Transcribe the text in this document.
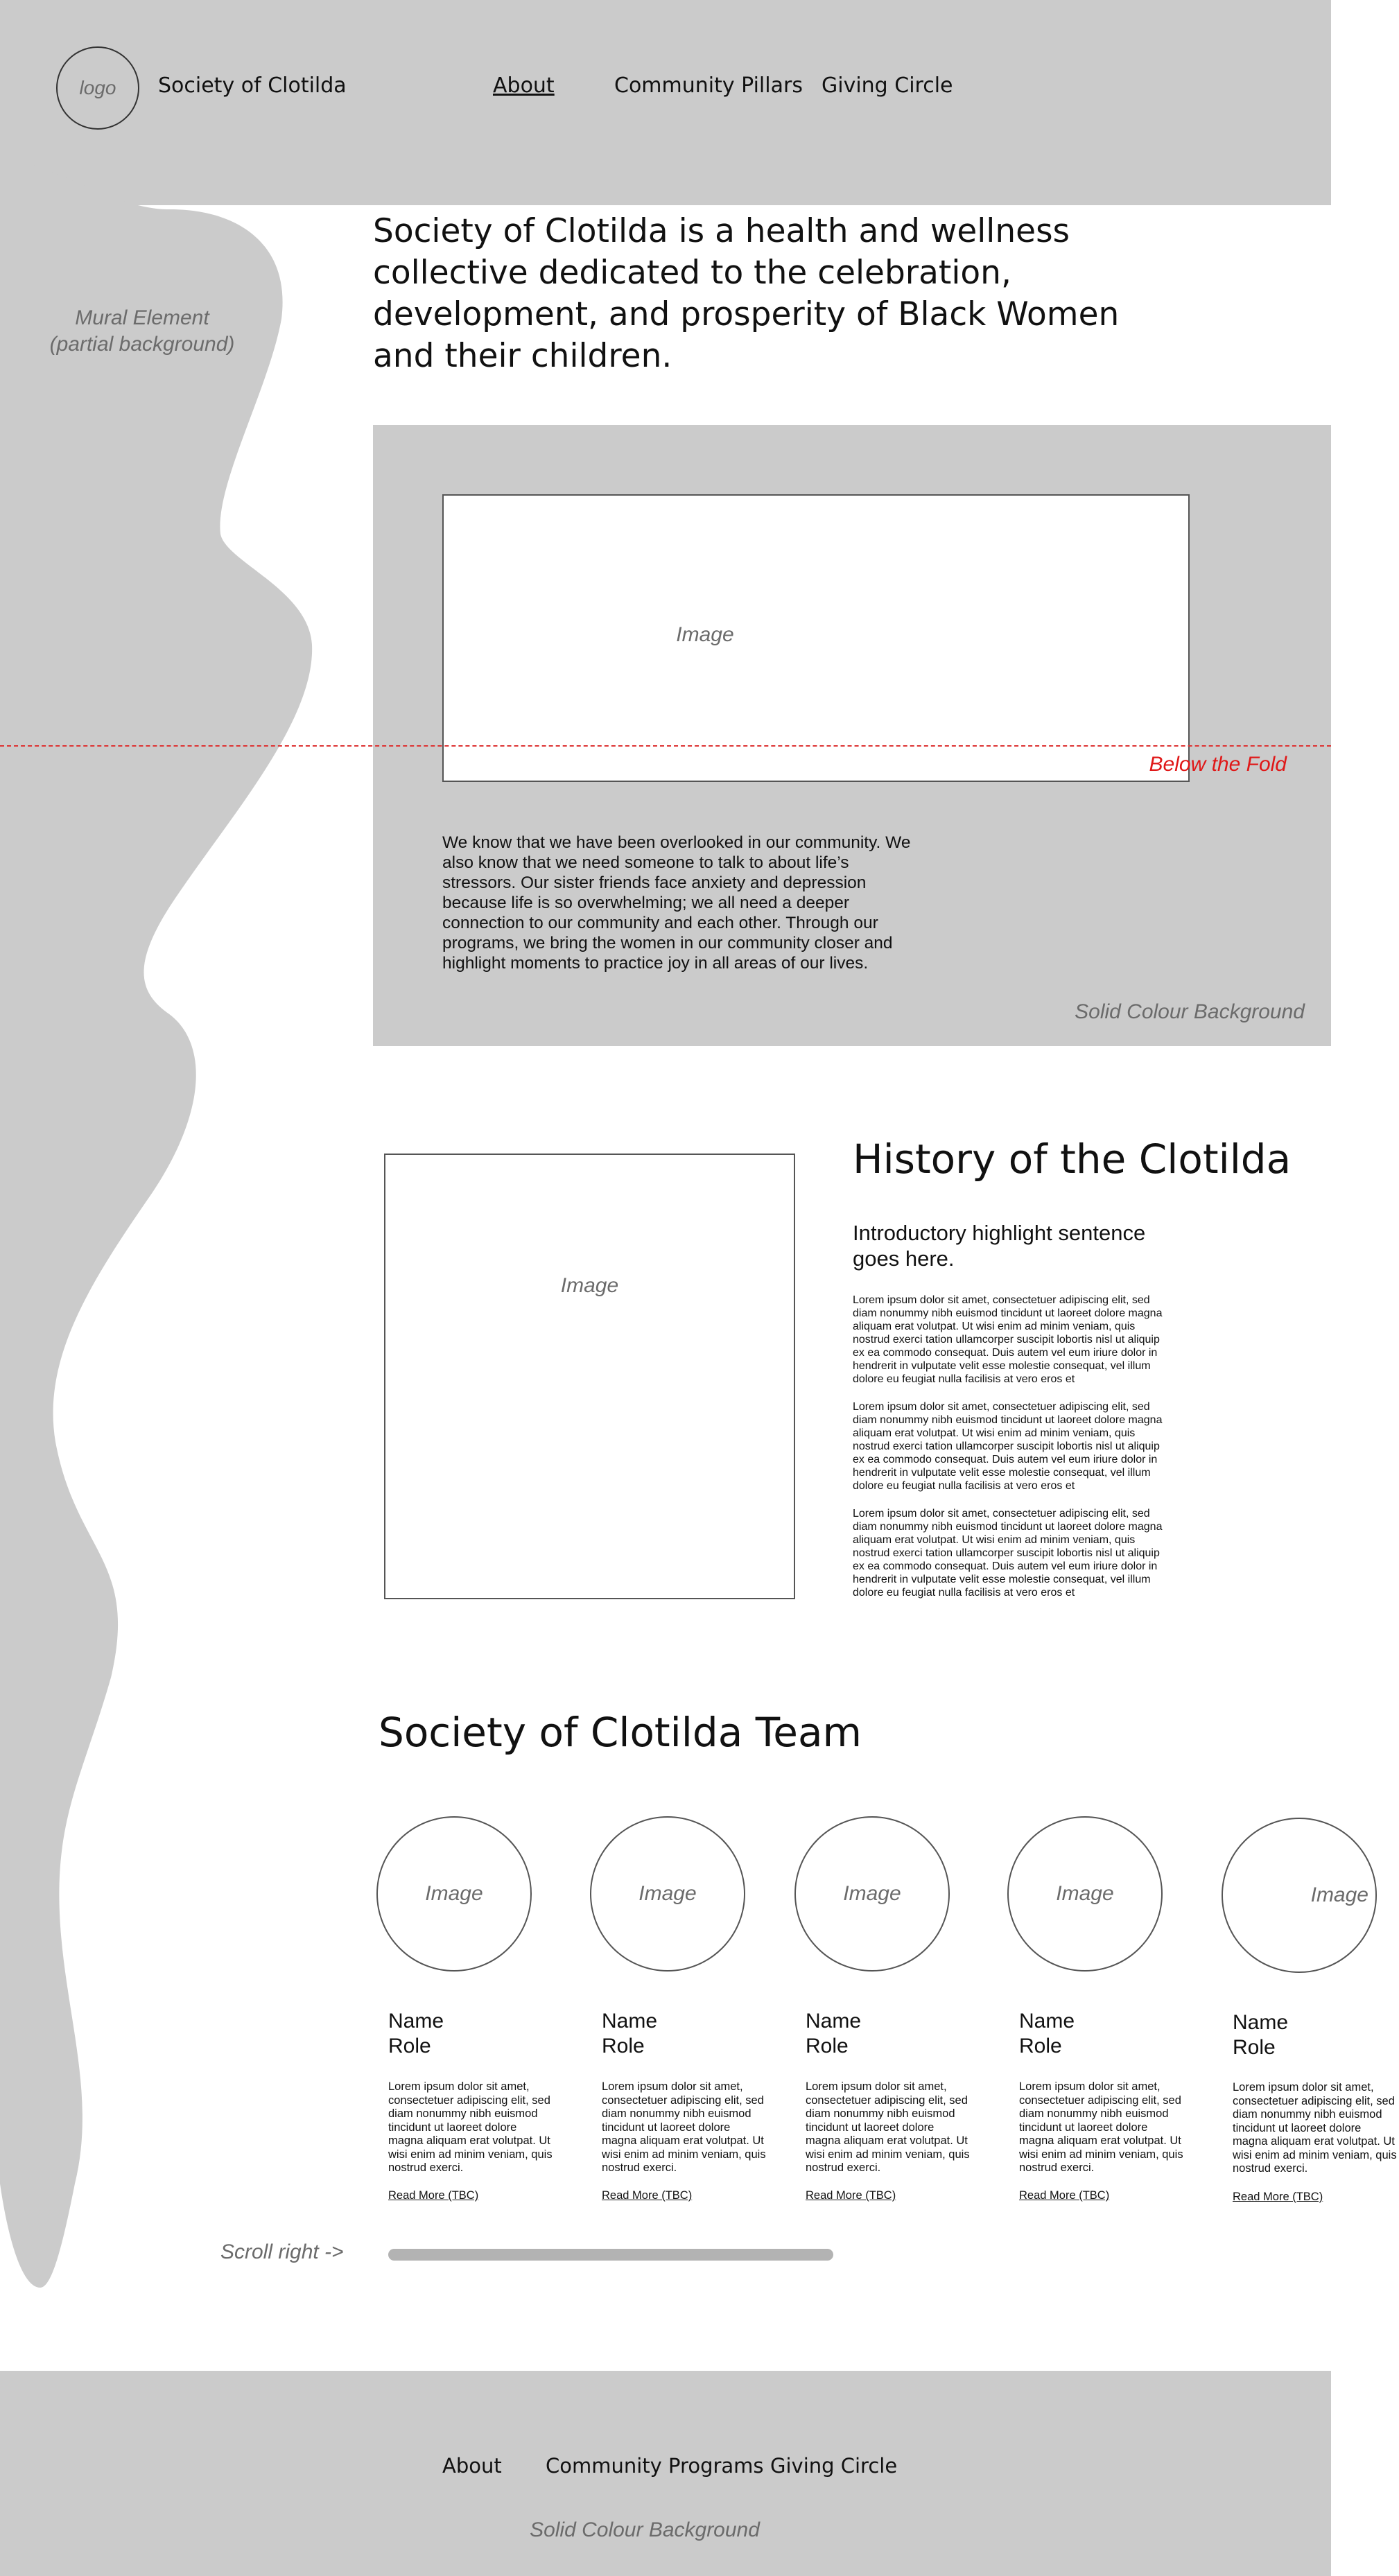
Mural Element
(partial background)
logo Society of Clotilda	About	Community Pillars Giving Circle
Society of Clotilda is a health and wellness collective dedicated to the celebration, development, and prosperity of Black Women and their children.
Image

We know that we have been overlooked in our community. We also know that we need someone to talk to about life’s stressors. Our sister friends face anxiety and depression because life is so overwhelming; we all need a deeper connection to our community and each other. Through our programs, we bring the women in our community closer and highlight moments to practice joy in all areas of our lives.

Solid Colour Background
Below the Fold
Image
History of the Clotilda

Introductory highlight sentence goes here.

Lorem ipsum dolor sit amet, consectetuer adipiscing elit, sed diam nonummy nibh euismod tincidunt ut laoreet dolore magna aliquam erat volutpat. Ut wisi enim ad minim veniam, quis nostrud exerci tation ullamcorper suscipit lobortis nisl ut aliquip ex ea commodo consequat. Duis autem vel eum iriure dolor in hendrerit in vulputate velit esse molestie consequat, vel illum dolore eu feugiat nulla facilisis at vero eros et

Lorem ipsum dolor sit amet, consectetuer adipiscing elit, sed diam nonummy nibh euismod tincidunt ut laoreet dolore magna aliquam erat volutpat. Ut wisi enim ad minim veniam, quis nostrud exerci tation ullamcorper suscipit lobortis nisl ut aliquip ex ea commodo consequat. Duis autem vel eum iriure dolor in hendrerit in vulputate velit esse molestie consequat, vel illum dolore eu feugiat nulla facilisis at vero eros et

Lorem ipsum dolor sit amet, consectetuer adipiscing elit, sed diam nonummy nibh euismod tincidunt ut laoreet dolore magna aliquam erat volutpat. Ut wisi enim ad minim veniam, quis nostrud exerci tation ullamcorper suscipit lobortis nisl ut aliquip ex ea commodo consequat. Duis autem vel eum iriure dolor in hendrerit in vulputate velit esse molestie consequat, vel illum dolore eu feugiat nulla facilisis at vero eros et

Society of Clotilda Team
Image
Name
Role

Lorem ipsum dolor sit amet, consectetuer adipiscing elit, sed diam nonummy nibh euismod tincidunt ut laoreet dolore magna aliquam erat volutpat. Ut wisi enim ad minim veniam, quis nostrud exerci.

Read More (TBC)
Image
Name
Role

Lorem ipsum dolor sit amet, consectetuer adipiscing elit, sed diam nonummy nibh euismod tincidunt ut laoreet dolore magna aliquam erat volutpat. Ut wisi enim ad minim veniam, quis nostrud exerci.

Read More (TBC)
Image
Name
Role

Lorem ipsum dolor sit amet, consectetuer adipiscing elit, sed diam nonummy nibh euismod tincidunt ut laoreet dolore magna aliquam erat volutpat. Ut wisi enim ad minim veniam, quis nostrud exerci.

Read More (TBC)
Image
Name
Role

Lorem ipsum dolor sit amet, consectetuer adipiscing elit, sed diam nonummy nibh euismod tincidunt ut laoreet dolore magna aliquam erat volutpat. Ut wisi enim ad minim veniam, quis nostrud exerci.

Read More (TBC)
Image
Name
Role

Lorem ipsum dolor sit amet, consectetuer adipiscing elit, sed diam nonummy nibh euismod tincidunt ut laoreet dolore magna aliquam erat volutpat. Ut wisi enim ad minim veniam, quis nostrud exerci.

Read More (TBC)
Scroll right ->
About Community Programs Giving Circle
Solid Colour Background
